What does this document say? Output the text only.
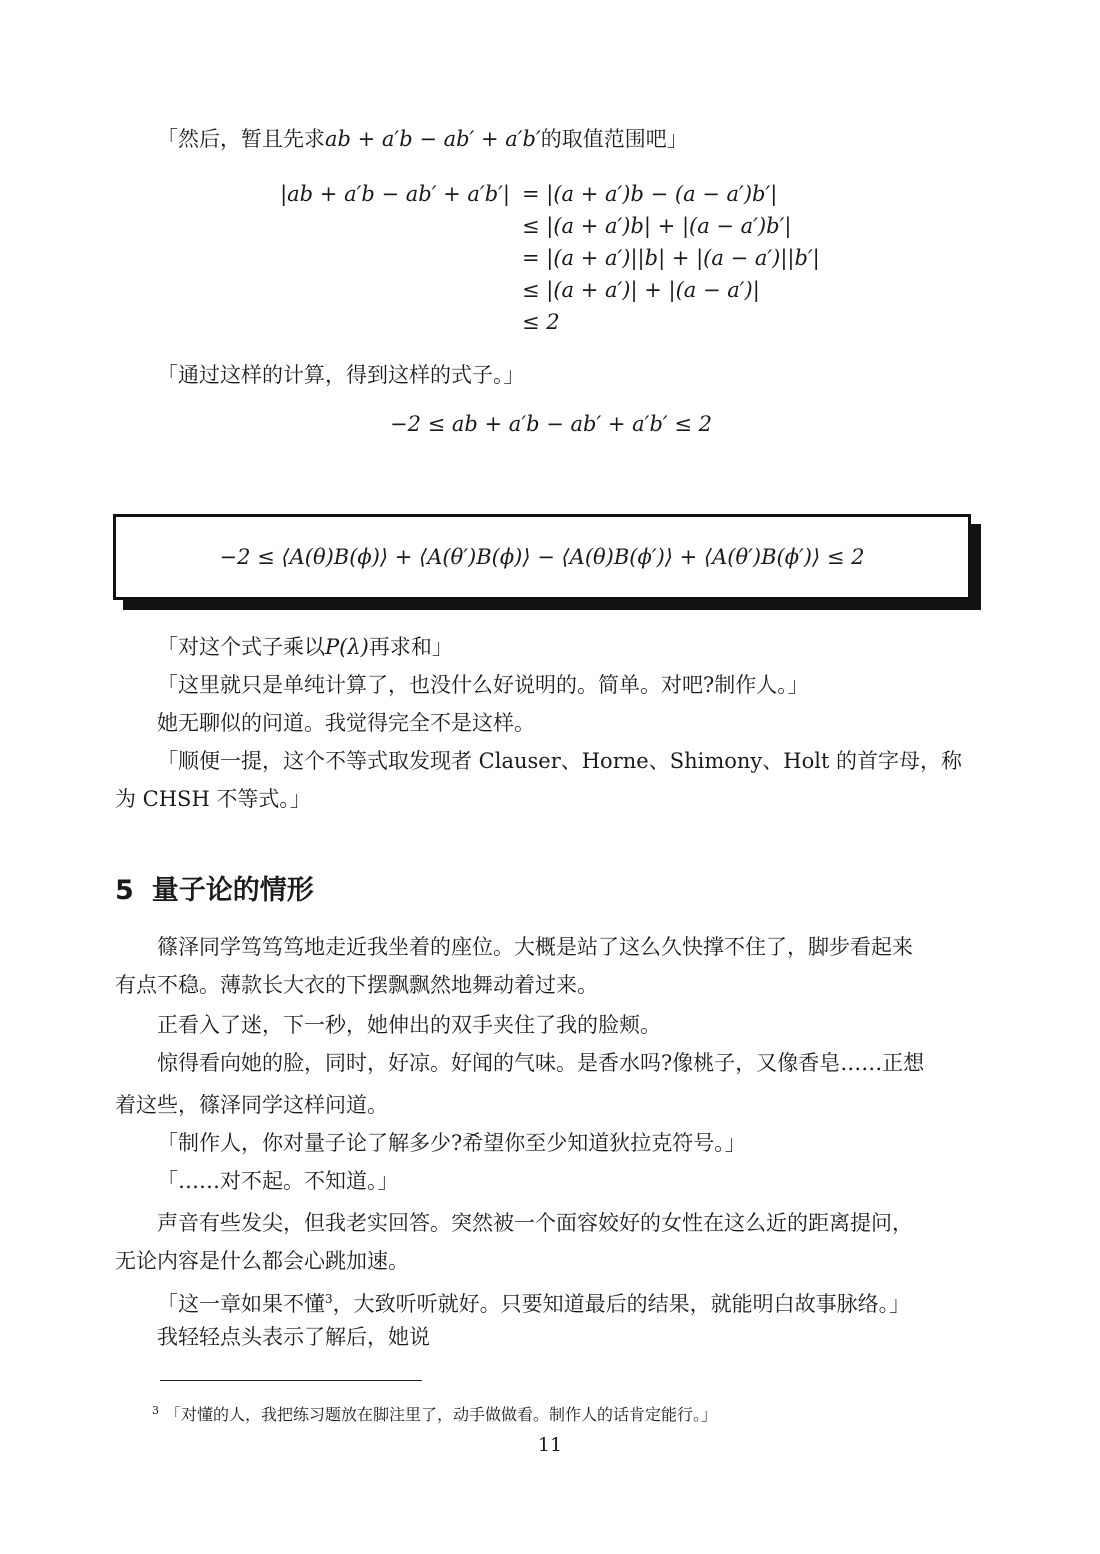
「然后，暂且先求ab + a′b − ab′ + a′b′的取值范围吧」
|ab + a′b − ab′ + a′b′| = |(a + a′)b − (a − a′)b′|
≤ |(a + a′)b| + |(a − a′)b′|
= |(a + a′)||b| + |(a − a′)||b′|
≤ |(a + a′)| + |(a − a′)|
≤ 2
「通过这样的计算，得到这样的式子。」
−2 ≤ ab + a′b − ab′ + a′b′ ≤ 2
−2 ≤ ⟨A(θ)B(ϕ)⟩ + ⟨A(θ′)B(ϕ)⟩ − ⟨A(θ)B(ϕ′)⟩ + ⟨A(θ′)B(ϕ′)⟩ ≤ 2
「对这个式子乘以P(λ)再求和」
「这里就只是单纯计算了，也没什么好说明的。简单。对吧?制作人。」
她无聊似的问道。我觉得完全不是这样。
「顺便一提，这个不等式取发现者 Clauser、Horne、Shimony、Holt 的首字母，称
为 CHSH 不等式。」
5 量子论的情形
篠泽同学笃笃笃地走近我坐着的座位。大概是站了这么久快撑不住了，脚步看起来
有点不稳。薄款长大衣的下摆飘飘然地舞动着过来。
正看入了迷，下一秒，她伸出的双手夹住了我的脸颊。
惊得看向她的脸，同时，好凉。好闻的气味。是香水吗?像桃子，又像香皂……正想
着这些，篠泽同学这样问道。
「制作人，你对量子论了解多少?希望你至少知道狄拉克符号。」
「……对不起。不知道。」
声音有些发尖，但我老实回答。突然被一个面容姣好的女性在这么近的距离提问，
无论内容是什么都会心跳加速。
「这一章如果不懂$^3$，大致听听就好。只要知道最后的结果，就能明白故事脉络。」
我轻轻点头表示了解后，她说
$^3$ 「对懂的人，我把练习题放在脚注里了，动手做做看。制作人的话肯定能行。」
11
